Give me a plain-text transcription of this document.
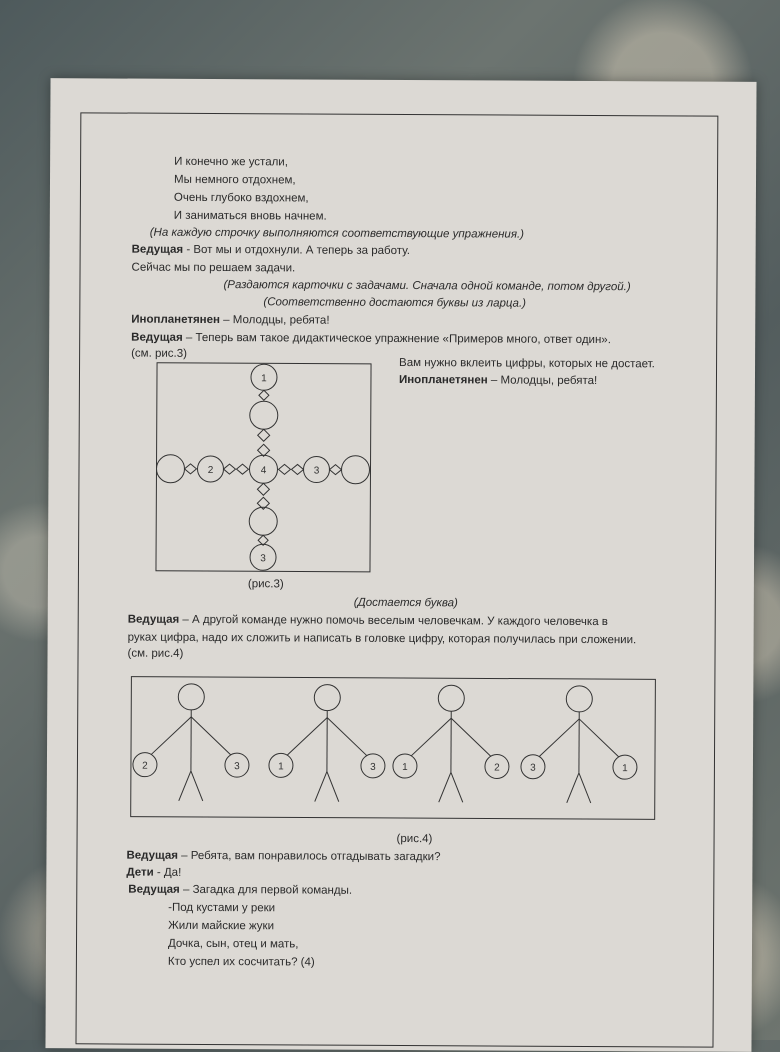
И конечно же устали,
Мы немного отдохнем,
Очень глубоко вздохнем,
И заниматься вновь начнем.
(На каждую строчку выполняются соответствующие упражнения.)
Ведущая - Вот мы и отдохнули. А теперь за работу.
Сейчас мы по решаем задачи.
(Раздаются карточки с задачами. Сначала одной команде, потом другой.)
(Соответственно достаются буквы из ларца.)
Инопланетянен – Молодцы, ребята!
Ведущая – Теперь вам такое дидактическое упражнение «Примеров много, ответ один».
(см. рис.3)
1
4
3
2	3
Вам нужно вклеить цифры, которых не достает.
Инопланетянен – Молодцы, ребята!
(рис.3)
(Достается буква)
Ведущая – А другой команде нужно помочь веселым человечкам. У каждого человечка в
руках цифра, надо их сложить и написать в головке цифру, которая получилась при сложении.
(см. рис.4)
2	3	1	3	1	2	3	1
(рис.4)
Ведущая – Ребята, вам понравилось отгадывать загадки?
Дети - Да!
Ведущая – Загадка для первой команды.
-Под кустами у реки
Жили майские жуки
Дочка, сын, отец и мать,
Кто успел их сосчитать? (4)
